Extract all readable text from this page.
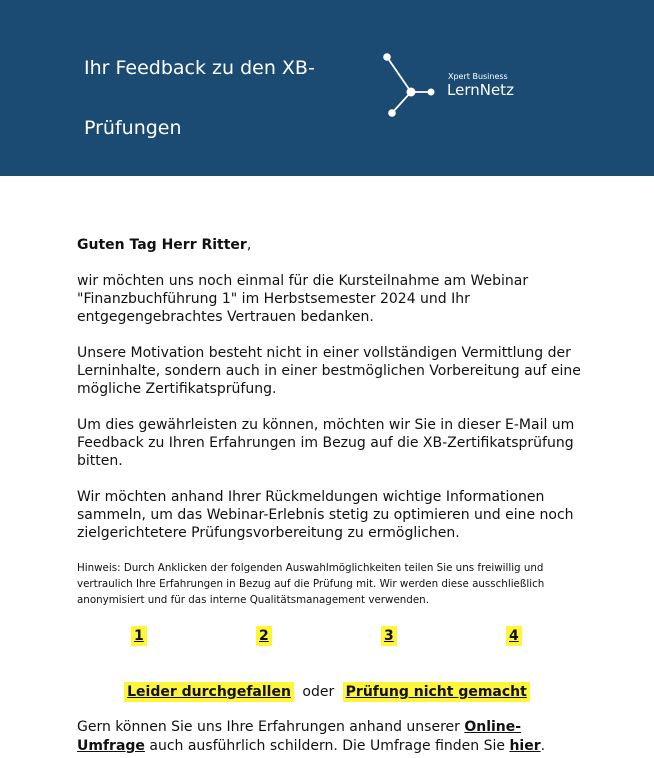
Ihr Feedback zu den XB-
Prüfungen
Xpert Business
LernNetz

Guten Tag Herr Ritter,

wir möchten uns noch einmal für die Kursteilnahme am Webinar "Finanzbuchführung 1" im Herbstsemester 2024 und Ihr entgegengebrachtes Vertrauen bedanken.

Unsere Motivation besteht nicht in einer vollständigen Vermittlung der Lerninhalte, sondern auch in einer bestmöglichen Vorbereitung auf eine mögliche Zertifikatsprüfung.

Um dies gewährleisten zu können, möchten wir Sie in dieser E-Mail um Feedback zu Ihren Erfahrungen im Bezug auf die XB-Zertifikatsprüfung bitten.

Wir möchten anhand Ihrer Rückmeldungen wichtige Informationen sammeln, um das Webinar-Erlebnis stetig zu optimieren und eine noch zielgerichtetere Prüfungsvorbereitung zu ermöglichen.

Hinweis: Durch Anklicken der folgenden Auswahlmöglichkeiten teilen Sie uns freiwillig und vertraulich Ihre Erfahrungen in Bezug auf die Prüfung mit. Wir werden diese ausschließlich anonymisiert und für das interne Qualitätsmanagement verwenden.

1	2	3	4
Leider durchgefallen oder Prüfung nicht gemacht
Gern können Sie uns Ihre Erfahrungen anhand unserer Online-Umfrage auch ausführlich schildern. Die Umfrage finden Sie hier.
